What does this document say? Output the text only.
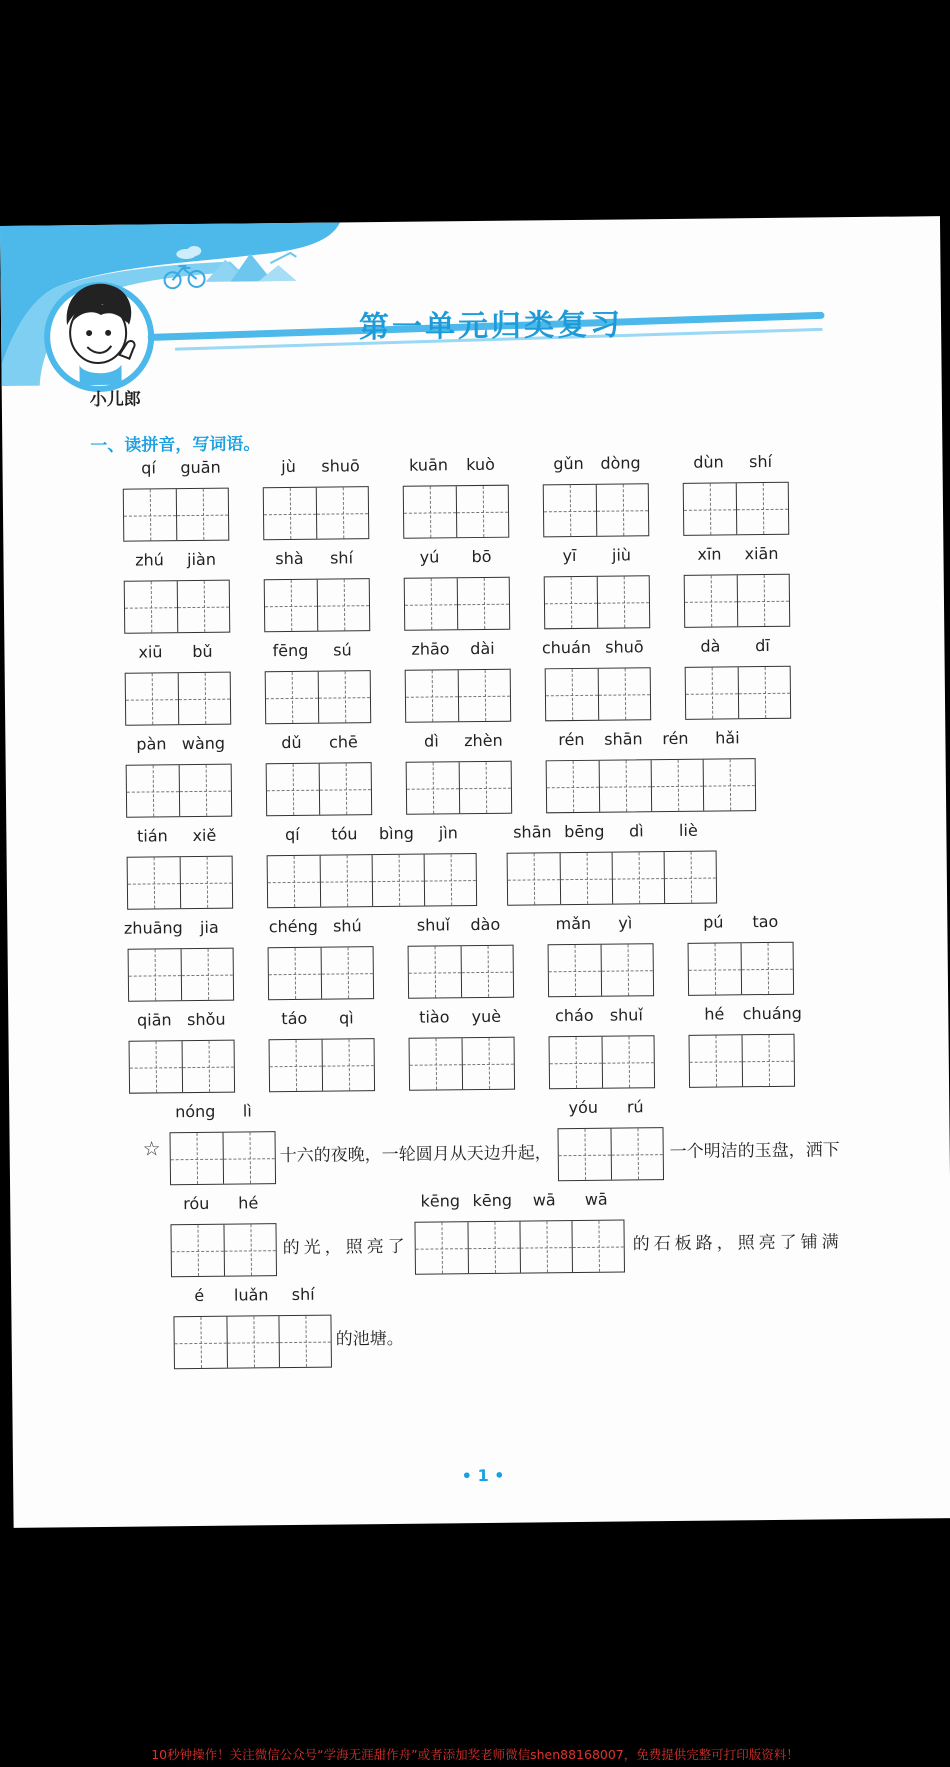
小儿郎
第一单元归类复习
一、读拼音，写词语。
qí guān	jù shuō	kuān kuò	gǔn dòng	dùn shí
zhú jiàn	shà shí	yú bō	yī jiù	xīn xiān
xiū bǔ	fēng sú	zhāo dài	chuán shuō	dà dī
pàn wàng	dǔ chē	dì zhèn	rén shān rén hǎi
tián xiě	qí tóu bìng jìn	shān bēng dì liè
zhuāng jia	chéng shú	shuǐ dào	mǎn yì	pú tao
qiān shǒu	táo qì	tiào yuè	cháo shuǐ	hé chuáng
☆
nóng lì
十六的夜晚，一轮圆月从天边升起，
yóu rú
一个明洁的玉盘，洒下
róu hé
的光，照亮了
kēng kēng wā wā
的石板路，照亮了铺满
é luǎn shí
的池塘。
• 1 •
10秒钟操作！关注微信公众号“学海无涯甜作舟”或者添加奖老师微信shen88168007，免费提供完整可打印版资料！
